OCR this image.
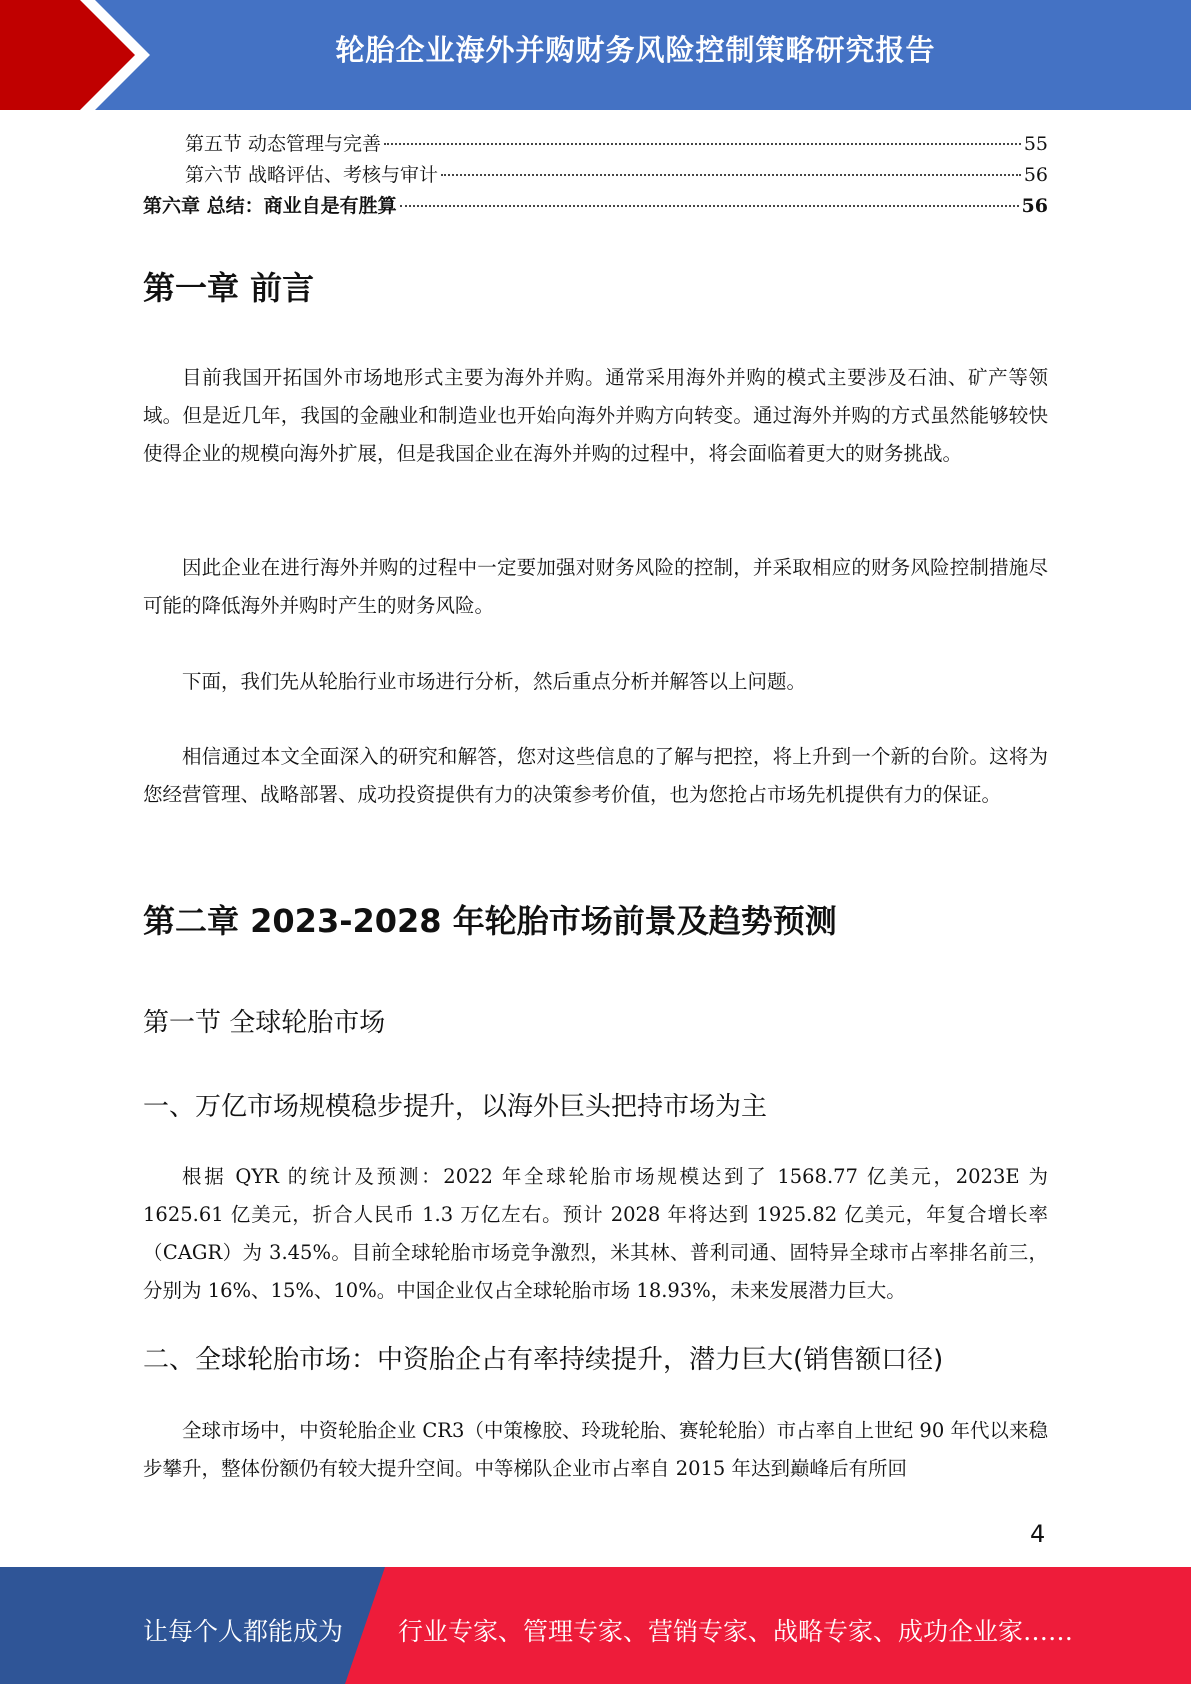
轮胎企业海外并购财务风险控制策略研究报告
第五节 动态管理与完善	55
第六节 战略评估、考核与审计	56
第六章 总结：商业自是有胜算	56
第一章 前言

目前我国开拓国外市场地形式主要为海外并购。通常采用海外并购的模式主要涉及石油、矿产等领域。但是近几年，我国的金融业和制造业也开始向海外并购方向转变。通过海外并购的方式虽然能够较快使得企业的规模向海外扩展，但是我国企业在海外并购的过程中，将会面临着更大的财务挑战。

因此企业在进行海外并购的过程中一定要加强对财务风险的控制，并采取相应的财务风险控制措施尽可能的降低海外并购时产生的财务风险。

下面，我们先从轮胎行业市场进行分析，然后重点分析并解答以上问题。

相信通过本文全面深入的研究和解答，您对这些信息的了解与把控，将上升到一个新的台阶。这将为您经营管理、战略部署、成功投资提供有力的决策参考价值，也为您抢占市场先机提供有力的保证。

第二章 2023-2028 年轮胎市场前景及趋势预测
第一节 全球轮胎市场
一、万亿市场规模稳步提升，以海外巨头把持市场为主

根据 QYR 的统计及预测：2022 年全球轮胎市场规模达到了 1568.77 亿美元，2023E 为 1625.61 亿美元，折合人民币 1.3 万亿左右。预计 2028 年将达到 1925.82 亿美元，年复合增长率（CAGR）为 3.45%。目前全球轮胎市场竞争激烈，米其林、普利司通、固特异全球市占率排名前三，分别为 16%、15%、10%。中国企业仅占全球轮胎市场 18.93%，未来发展潜力巨大。

二、全球轮胎市场：中资胎企占有率持续提升，潜力巨大(销售额口径)

全球市场中，中资轮胎企业 CR3（中策橡胶、玲珑轮胎、赛轮轮胎）市占率自上世纪 90 年代以来稳步攀升，整体份额仍有较大提升空间。中等梯队企业市占率自 2015 年达到巅峰后有所回

4
让每个人都能成为 行业专家、管理专家、营销专家、战略专家、成功企业家……
